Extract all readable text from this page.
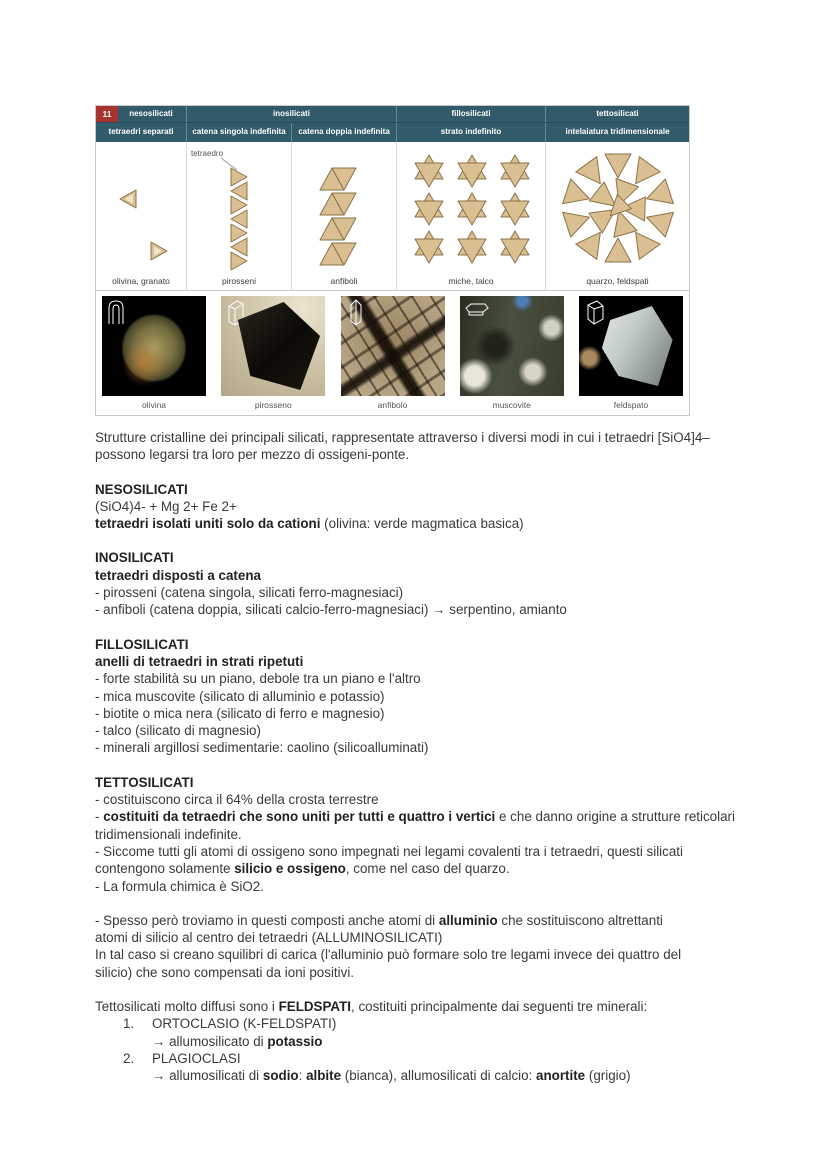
11	nesosilicati	inosilicati	fillosilicati	tettosilicati
tetraedri separati	catena singola indefinita	catena doppia indefinita	strato indefinito	intelaiatura tridimensionale
tetraedro
olivina, granato	pirosseni	anfiboli	miche, talco	quarzo, feldspati
olivina	pirosseno	anfibolo	muscovite	feldspato

Strutture cristalline dei principali silicati, rappresentate attraverso i diversi modi in cui i tetraedri [SiO4]4– possono legarsi tra loro per mezzo di ossigeni-ponte.

NESOSILICATI
(SiO4)4- + Mg 2+ Fe 2+
tetraedri isolati uniti solo da cationi (olivina: verde magmatica basica)
INOSILICATI
tetraedri disposti a catena
- pirosseni (catena singola, silicati ferro-magnesiaci)
- anfiboli (catena doppia, silicati calcio-ferro-magnesiaci) → serpentino, amianto
FILLOSILICATI
anelli di tetraedri in strati ripetuti
- forte stabilità su un piano, debole tra un piano e l'altro
- mica muscovite (silicato di alluminio e potassio)
- biotite o mica nera (silicato di ferro e magnesio)
- talco (silicato di magnesio)
- minerali argillosi sedimentarie: caolino (silicoalluminati)
TETTOSILICATI
- costituiscono circa il 64% della crosta terrestre
- costituiti da tetraedri che sono uniti per tutti e quattro i vertici e che danno origine a strutture reticolari tridimensionali indefinite.
- Siccome tutti gli atomi di ossigeno sono impegnati nei legami covalenti tra i tetraedri, questi silicati contengono solamente silicio e ossigeno, come nel caso del quarzo.
- La formula chimica è SiO2.
- Spesso però troviamo in questi composti anche atomi di alluminio che sostituiscono altrettanti atomi di silicio al centro dei tetraedri (ALLUMINOSILICATI)
In tal caso si creano squilibri di carica (l'alluminio può formare solo tre legami invece dei quattro del silicio) che sono compensati da ioni positivi.
Tettosilicati molto diffusi sono i FELDSPATI, costituiti principalmente dai seguenti tre minerali:
1.	ORTOCLASIO (K-FELDSPATI)
→ allumosilicato di potassio
2.	PLAGIOCLASI
→ allumosilicati di sodio: albite (bianca), allumosilicati di calcio: anortite (grigio)
